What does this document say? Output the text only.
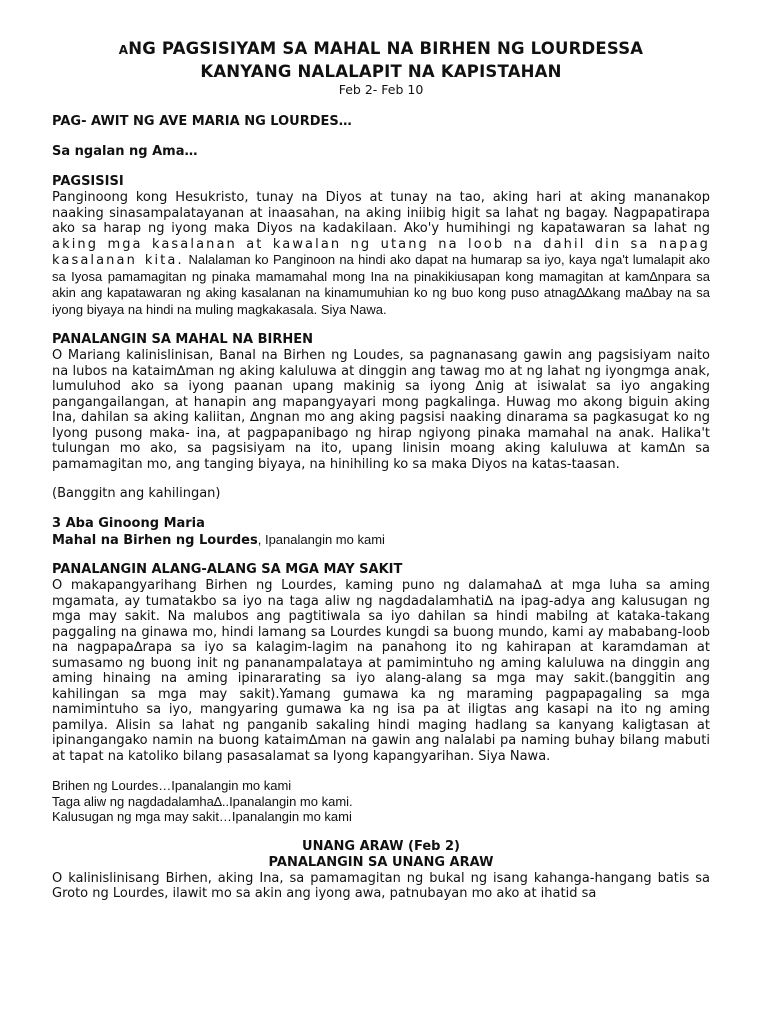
ANG PAGSISIYAM SA MAHAL NA BIRHEN NG LOURDESSA
KANYANG NALALAPIT NA KAPISTAHAN
Feb 2- Feb 10

PAG- AWIT NG AVE MARIA NG LOURDES…

Sa ngalan ng Ama…

PAGSISISI

Panginoong kong Hesukristo, tunay na Diyos at tunay na tao, aking hari at aking mananakop naaking sinasampalatayanan at inaasahan, na aking iniibig higit sa lahat ng bagay. Nagpapatirapa ako sa harap ng iyong maka Diyos na kadakilaan. Ako'y humihingi ng kapatawaran sa lahat ng aking mga kasalanan at kawalan ng utang na loob na dahil din sa napag kasalanan kita. Nalalaman ko Panginoon na hindi ako dapat na humarap sa iyo, kaya nga't lumalapit ako sa Iyosa pamamagitan ng pinaka mamamahal mong Ina na pinakikiusapan kong mamagitan at kam∆npara sa akin ang kapatawaran ng aking kasalanan na kinamumuhian ko ng buo kong puso atnag∆∆kang ma∆bay na sa iyong biyaya na hindi na muling magkakasala. Siya Nawa.

PANALANGIN SA MAHAL NA BIRHEN

O Mariang kalinislinisan, Banal na Birhen ng Loudes, sa pagnanasang gawin ang pagsisiyam naito na lubos na kataim∆man ng aking kaluluwa at dinggin ang tawag mo at ng lahat ng iyongmga anak, lumuluhod ako sa iyong paanan upang makinig sa iyong ∆nig at isiwalat sa iyo angaking pangangailangan, at hanapin ang mapangyayari mong pagkalinga. Huwag mo akong biguin aking Ina, dahilan sa aking kaliitan, ∆ngnan mo ang aking pagsisi naaking dinarama sa pagkasugat ko ng Iyong pusong maka- ina, at pagpapanibago ng hirap ngiyong pinaka mamahal na anak. Halika't tulungan mo ako, sa pagsisiyam na ito, upang linisin moang aking kaluluwa at kam∆n sa pamamagitan mo, ang tanging biyaya, na hinihiling ko sa maka Diyos na katas-taasan.
(Banggitn ang kahilingan)

3 Aba Ginoong Maria

Mahal na Birhen ng Lourdes, Ipanalangin mo kami

PANALANGIN ALANG-ALANG SA MGA MAY SAKIT

O makapangyarihang Birhen ng Lourdes, kaming puno ng dalamaha∆ at mga luha sa aming mgamata, ay tumatakbo sa iyo na taga aliw ng nagdadalamhati∆ na ipag-adya ang kalusugan ng mga may sakit. Na malubos ang pagtitiwala sa iyo dahilan sa hindi mabilng at kataka-takang paggaling na ginawa mo, hindi lamang sa Lourdes kungdi sa buong mundo, kami ay mababang-loob na nagpapa∆rapa sa iyo sa kalagim-lagim na panahong ito ng kahirapan at karamdaman at sumasamo ng buong init ng pananampalataya at pamimintuho ng aming kaluluwa na dinggin ang aming hinaing na aming ipinararating sa iyo alang-alang sa mga may sakit.(banggitin ang kahilingan sa mga may sakit).Yamang gumawa ka ng maraming pagpapagaling sa mga namimintuho sa iyo, mangyaring gumawa ka ng isa pa at iligtas ang kasapi na ito ng aming pamilya. Alisin sa lahat ng panganib sakaling hindi maging hadlang sa kanyang kaligtasan at ipinangangako namin na buong kataim∆man na gawin ang nalalabi pa naming buhay bilang mabuti at tapat na katoliko bilang pasasalamat sa Iyong kapangyarihan. Siya Nawa.
Brihen ng Lourdes…Ipanalangin mo kami
Taga aliw ng nagdadalamha∆..Ipanalangin mo kami.
Kalusugan ng mga may sakit…Ipanalangin mo kami

UNANG ARAW (Feb 2)

PANALANGIN SA UNANG ARAW

O kalinislinisang Birhen, aking Ina, sa pamamagitan ng bukal ng isang kahanga-hangang batis sa Groto ng Lourdes, ilawit mo sa akin ang iyong awa, patnubayan mo ako at ihatid sa
